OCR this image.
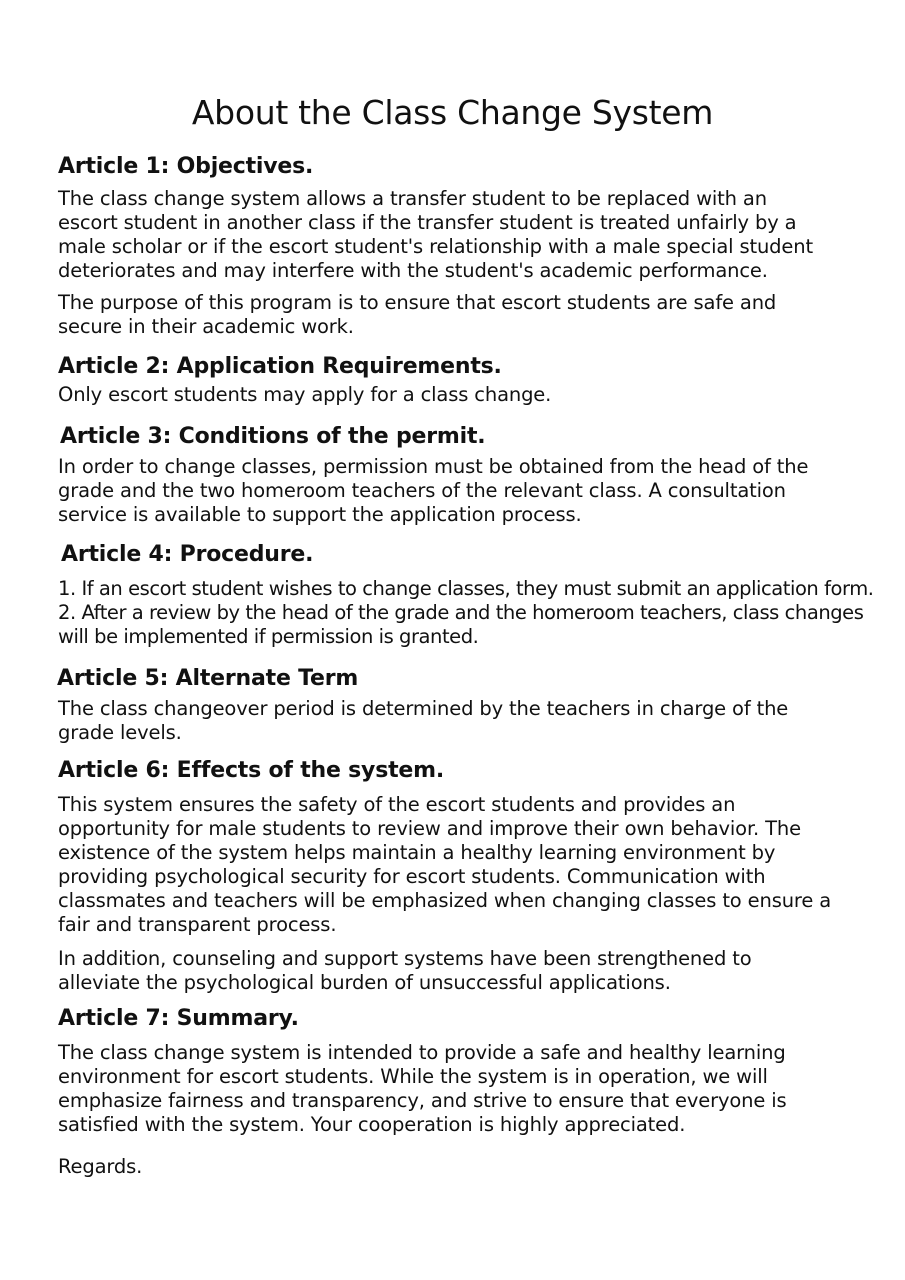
About the Class Change System
Article 1: Objectives.
The class change system allows a transfer student to be replaced with an
escort student in another class if the transfer student is treated unfairly by a
male scholar or if the escort student's relationship with a male special student
deteriorates and may interfere with the student's academic performance.
The purpose of this program is to ensure that escort students are safe and
secure in their academic work.
Article 2: Application Requirements.
Only escort students may apply for a class change.
Article 3: Conditions of the permit.
In order to change classes, permission must be obtained from the head of the
grade and the two homeroom teachers of the relevant class. A consultation
service is available to support the application process.
Article 4: Procedure.
1. If an escort student wishes to change classes, they must submit an application form.
2. After a review by the head of the grade and the homeroom teachers, class changes
will be implemented if permission is granted.
Article 5: Alternate Term
The class changeover period is determined by the teachers in charge of the
grade levels.
Article 6: Effects of the system.
This system ensures the safety of the escort students and provides an
opportunity for male students to review and improve their own behavior. The
existence of the system helps maintain a healthy learning environment by
providing psychological security for escort students. Communication with
classmates and teachers will be emphasized when changing classes to ensure a
fair and transparent process.
In addition, counseling and support systems have been strengthened to
alleviate the psychological burden of unsuccessful applications.
Article 7: Summary.
The class change system is intended to provide a safe and healthy learning
environment for escort students. While the system is in operation, we will
emphasize fairness and transparency, and strive to ensure that everyone is
satisfied with the system. Your cooperation is highly appreciated.
Regards.
